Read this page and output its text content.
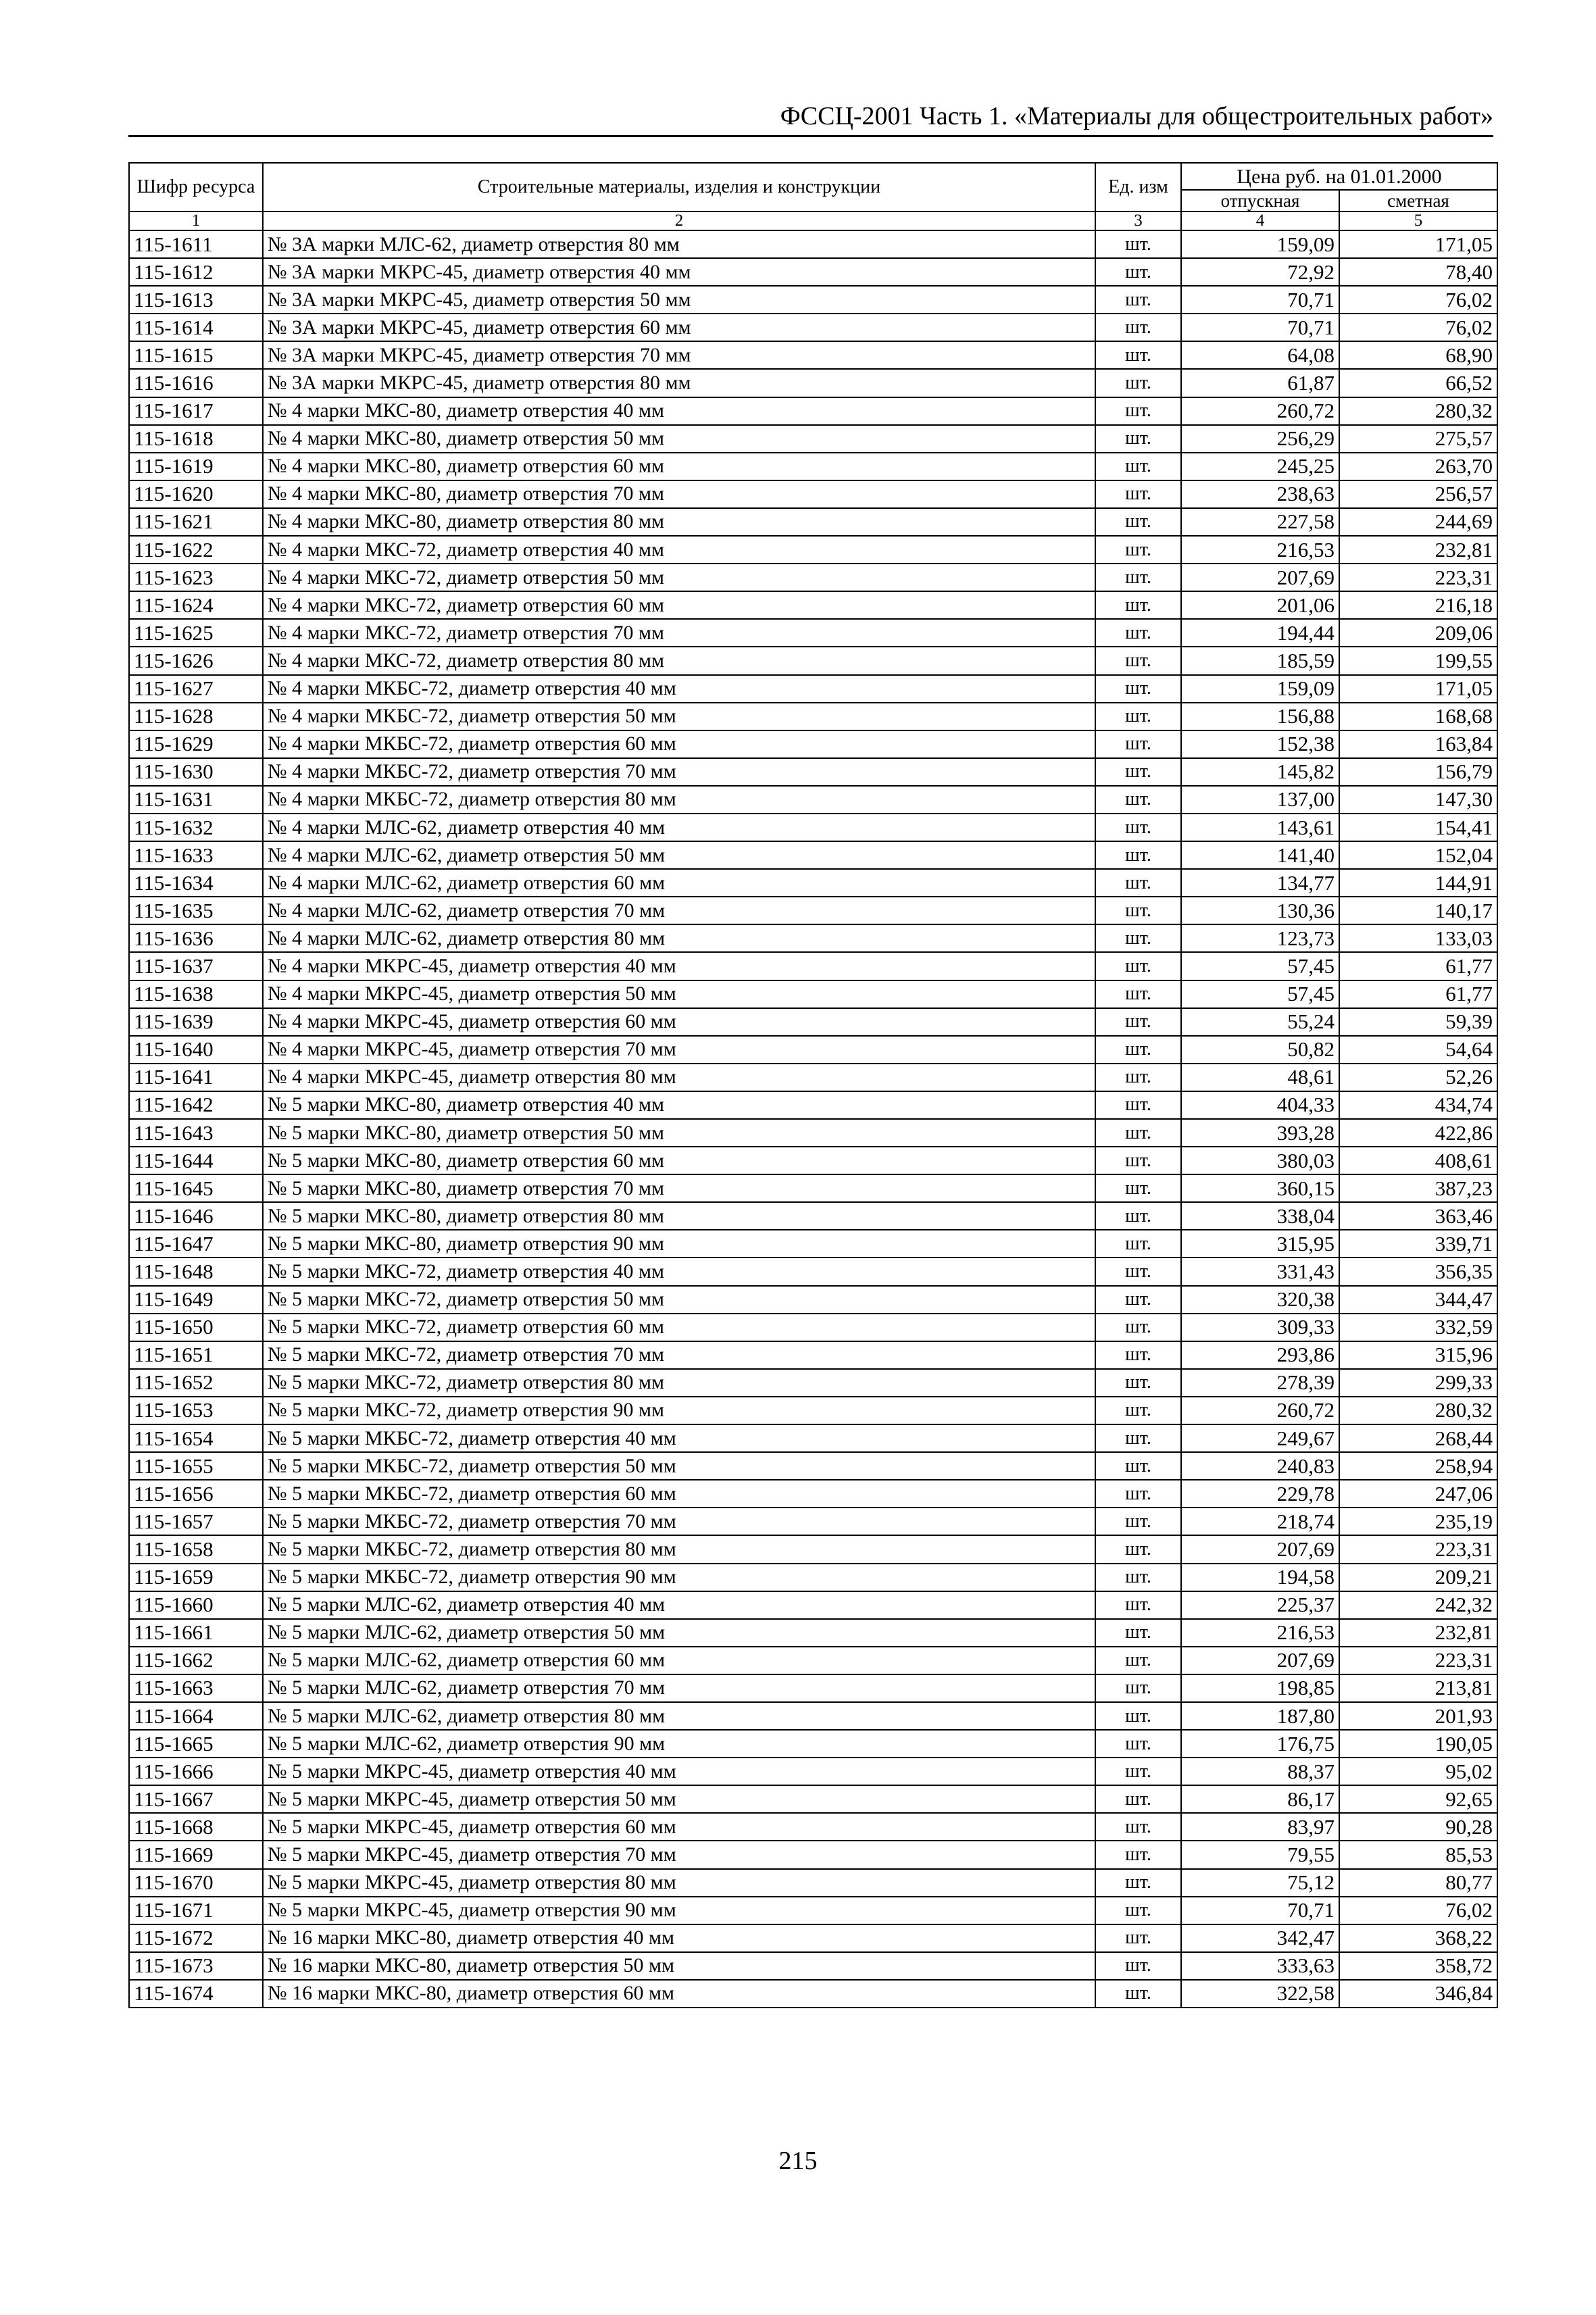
ФССЦ-2001 Часть 1. «Материалы для общестроительных работ»
Шифр ресурса	Строительные материалы, изделия и конструкции	Ед. изм	Цена руб. на 01.01.2000	
			отпускная	сметная
1	2	3	4	5
115-1611	№ 3А марки МЛС-62, диаметр отверстия 80 мм	шт.	159,09	171,05
115-1612	№ 3А марки МКРС-45, диаметр отверстия 40 мм	шт.	72,92	78,40
115-1613	№ 3А марки МКРС-45, диаметр отверстия 50 мм	шт.	70,71	76,02
115-1614	№ 3А марки МКРС-45, диаметр отверстия 60 мм	шт.	70,71	76,02
115-1615	№ 3А марки МКРС-45, диаметр отверстия 70 мм	шт.	64,08	68,90
115-1616	№ 3А марки МКРС-45, диаметр отверстия 80 мм	шт.	61,87	66,52
115-1617	№ 4 марки МКС-80, диаметр отверстия 40 мм	шт.	260,72	280,32
115-1618	№ 4 марки МКС-80, диаметр отверстия 50 мм	шт.	256,29	275,57
115-1619	№ 4 марки МКС-80, диаметр отверстия 60 мм	шт.	245,25	263,70
115-1620	№ 4 марки МКС-80, диаметр отверстия 70 мм	шт.	238,63	256,57
115-1621	№ 4 марки МКС-80, диаметр отверстия 80 мм	шт.	227,58	244,69
115-1622	№ 4 марки МКС-72, диаметр отверстия 40 мм	шт.	216,53	232,81
115-1623	№ 4 марки МКС-72, диаметр отверстия 50 мм	шт.	207,69	223,31
115-1624	№ 4 марки МКС-72, диаметр отверстия 60 мм	шт.	201,06	216,18
115-1625	№ 4 марки МКС-72, диаметр отверстия 70 мм	шт.	194,44	209,06
115-1626	№ 4 марки МКС-72, диаметр отверстия 80 мм	шт.	185,59	199,55
115-1627	№ 4 марки МКБС-72, диаметр отверстия 40 мм	шт.	159,09	171,05
115-1628	№ 4 марки МКБС-72, диаметр отверстия 50 мм	шт.	156,88	168,68
115-1629	№ 4 марки МКБС-72, диаметр отверстия 60 мм	шт.	152,38	163,84
115-1630	№ 4 марки МКБС-72, диаметр отверстия 70 мм	шт.	145,82	156,79
115-1631	№ 4 марки МКБС-72, диаметр отверстия 80 мм	шт.	137,00	147,30
115-1632	№ 4 марки МЛС-62, диаметр отверстия 40 мм	шт.	143,61	154,41
115-1633	№ 4 марки МЛС-62, диаметр отверстия 50 мм	шт.	141,40	152,04
115-1634	№ 4 марки МЛС-62, диаметр отверстия 60 мм	шт.	134,77	144,91
115-1635	№ 4 марки МЛС-62, диаметр отверстия 70 мм	шт.	130,36	140,17
115-1636	№ 4 марки МЛС-62, диаметр отверстия 80 мм	шт.	123,73	133,03
115-1637	№ 4 марки МКРС-45, диаметр отверстия 40 мм	шт.	57,45	61,77
115-1638	№ 4 марки МКРС-45, диаметр отверстия 50 мм	шт.	57,45	61,77
115-1639	№ 4 марки МКРС-45, диаметр отверстия 60 мм	шт.	55,24	59,39
115-1640	№ 4 марки МКРС-45, диаметр отверстия 70 мм	шт.	50,82	54,64
115-1641	№ 4 марки МКРС-45, диаметр отверстия 80 мм	шт.	48,61	52,26
115-1642	№ 5 марки МКС-80, диаметр отверстия 40 мм	шт.	404,33	434,74
115-1643	№ 5 марки МКС-80, диаметр отверстия 50 мм	шт.	393,28	422,86
115-1644	№ 5 марки МКС-80, диаметр отверстия 60 мм	шт.	380,03	408,61
115-1645	№ 5 марки МКС-80, диаметр отверстия 70 мм	шт.	360,15	387,23
115-1646	№ 5 марки МКС-80, диаметр отверстия 80 мм	шт.	338,04	363,46
115-1647	№ 5 марки МКС-80, диаметр отверстия 90 мм	шт.	315,95	339,71
115-1648	№ 5 марки МКС-72, диаметр отверстия 40 мм	шт.	331,43	356,35
115-1649	№ 5 марки МКС-72, диаметр отверстия 50 мм	шт.	320,38	344,47
115-1650	№ 5 марки МКС-72, диаметр отверстия 60 мм	шт.	309,33	332,59
115-1651	№ 5 марки МКС-72, диаметр отверстия 70 мм	шт.	293,86	315,96
115-1652	№ 5 марки МКС-72, диаметр отверстия 80 мм	шт.	278,39	299,33
115-1653	№ 5 марки МКС-72, диаметр отверстия 90 мм	шт.	260,72	280,32
115-1654	№ 5 марки МКБС-72, диаметр отверстия 40 мм	шт.	249,67	268,44
115-1655	№ 5 марки МКБС-72, диаметр отверстия 50 мм	шт.	240,83	258,94
115-1656	№ 5 марки МКБС-72, диаметр отверстия 60 мм	шт.	229,78	247,06
115-1657	№ 5 марки МКБС-72, диаметр отверстия 70 мм	шт.	218,74	235,19
115-1658	№ 5 марки МКБС-72, диаметр отверстия 80 мм	шт.	207,69	223,31
115-1659	№ 5 марки МКБС-72, диаметр отверстия 90 мм	шт.	194,58	209,21
115-1660	№ 5 марки МЛС-62, диаметр отверстия 40 мм	шт.	225,37	242,32
115-1661	№ 5 марки МЛС-62, диаметр отверстия 50 мм	шт.	216,53	232,81
115-1662	№ 5 марки МЛС-62, диаметр отверстия 60 мм	шт.	207,69	223,31
115-1663	№ 5 марки МЛС-62, диаметр отверстия 70 мм	шт.	198,85	213,81
115-1664	№ 5 марки МЛС-62, диаметр отверстия 80 мм	шт.	187,80	201,93
115-1665	№ 5 марки МЛС-62, диаметр отверстия 90 мм	шт.	176,75	190,05
115-1666	№ 5 марки МКРС-45, диаметр отверстия 40 мм	шт.	88,37	95,02
115-1667	№ 5 марки МКРС-45, диаметр отверстия 50 мм	шт.	86,17	92,65
115-1668	№ 5 марки МКРС-45, диаметр отверстия 60 мм	шт.	83,97	90,28
115-1669	№ 5 марки МКРС-45, диаметр отверстия 70 мм	шт.	79,55	85,53
115-1670	№ 5 марки МКРС-45, диаметр отверстия 80 мм	шт.	75,12	80,77
115-1671	№ 5 марки МКРС-45, диаметр отверстия 90 мм	шт.	70,71	76,02
115-1672	№ 16 марки МКС-80, диаметр отверстия 40 мм	шт.	342,47	368,22
115-1673	№ 16 марки МКС-80, диаметр отверстия 50 мм	шт.	333,63	358,72
115-1674	№ 16 марки МКС-80, диаметр отверстия 60 мм	шт.	322,58	346,84
215
